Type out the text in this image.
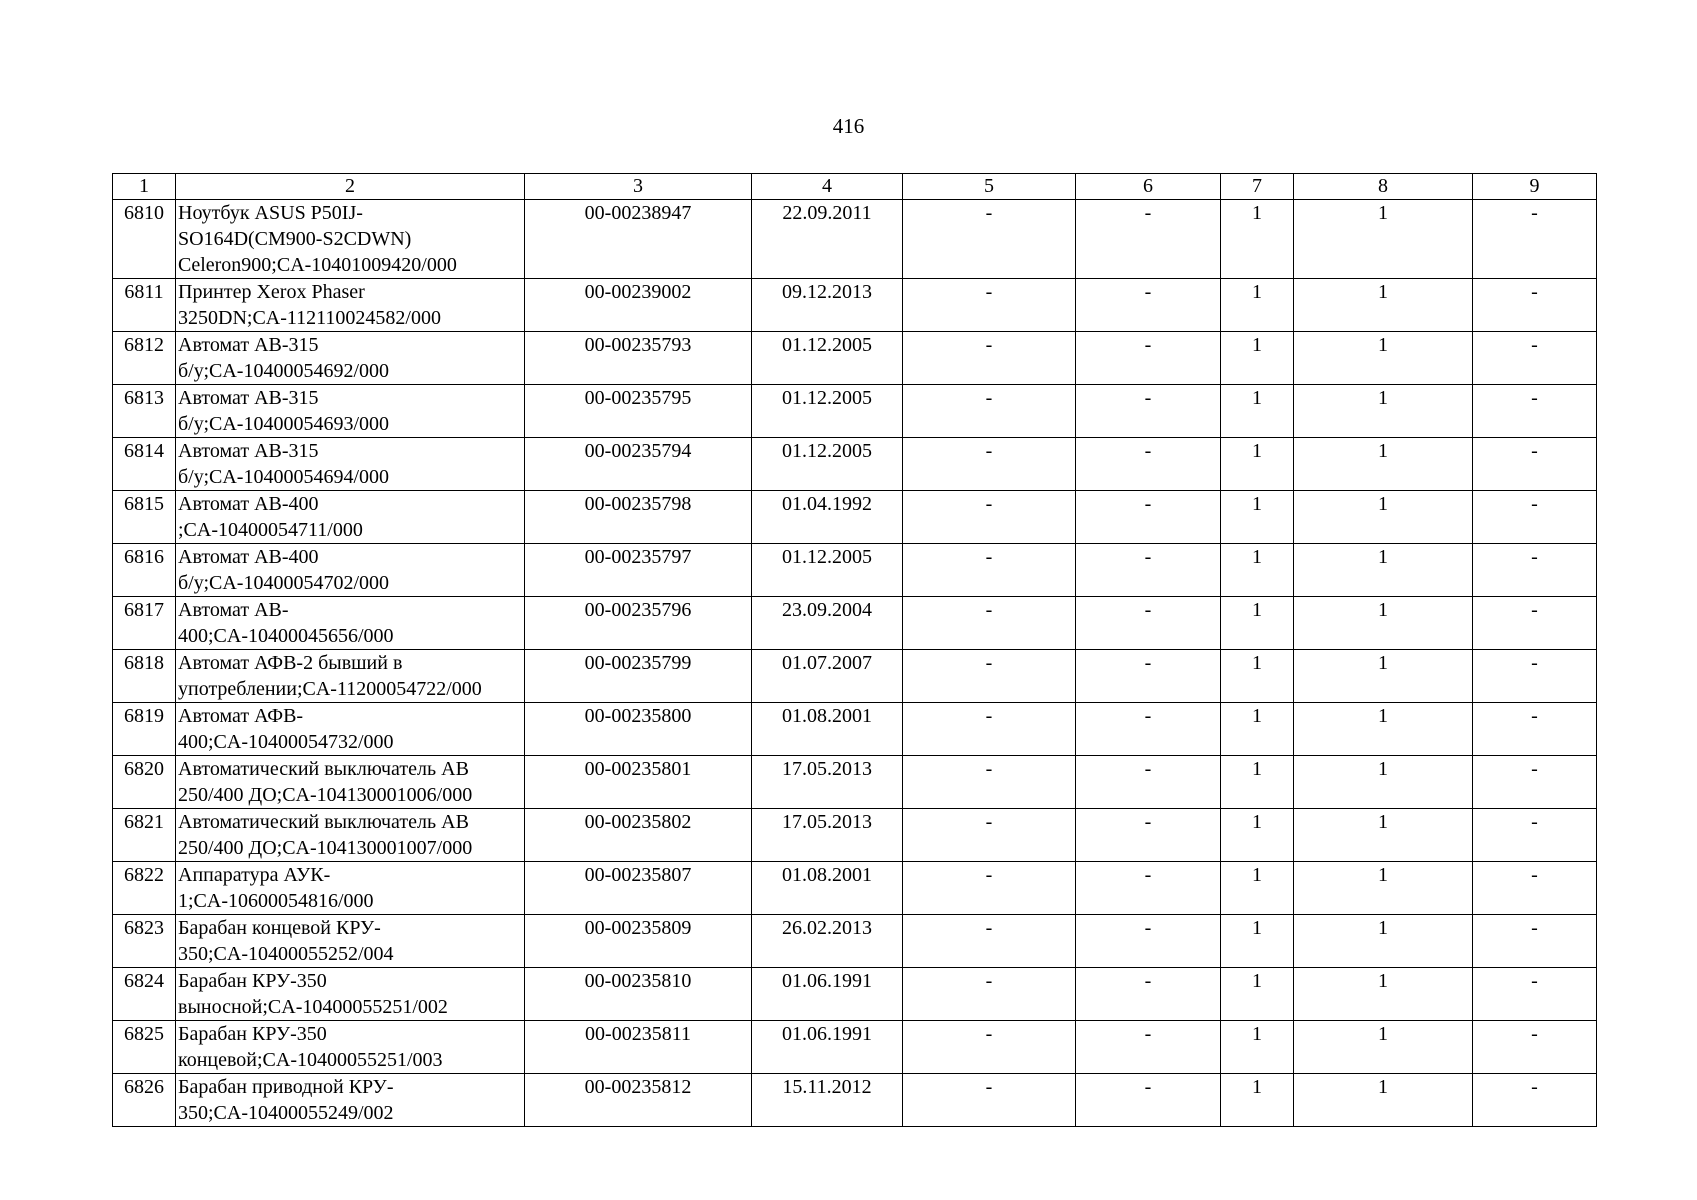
416
1	2	3	4	5	6	7	8	9
6810	Ноутбук ASUS P50IJ-
SO164D(CM900-S2CDWN)
Celeron900;CA-10401009420/000	00-00238947	22.09.2011	-	-	1	1	-
6811	Принтер Xerox Phaser
3250DN;CA-112110024582/000	00-00239002	09.12.2013	-	-	1	1	-
6812	Автомат АВ-315
б/у;CA-10400054692/000	00-00235793	01.12.2005	-	-	1	1	-
6813	Автомат АВ-315
б/у;CA-10400054693/000	00-00235795	01.12.2005	-	-	1	1	-
6814	Автомат АВ-315
б/у;CA-10400054694/000	00-00235794	01.12.2005	-	-	1	1	-
6815	Автомат АВ-400
;CA-10400054711/000	00-00235798	01.04.1992	-	-	1	1	-
6816	Автомат АВ-400
б/у;CA-10400054702/000	00-00235797	01.12.2005	-	-	1	1	-
6817	Автомат АВ-
400;CA-10400045656/000	00-00235796	23.09.2004	-	-	1	1	-
6818	Автомат АФВ-2 бывший в
употреблении;CA-11200054722/000	00-00235799	01.07.2007	-	-	1	1	-
6819	Автомат АФВ-
400;CA-10400054732/000	00-00235800	01.08.2001	-	-	1	1	-
6820	Автоматический выключатель АВ
250/400 ДО;CA-104130001006/000	00-00235801	17.05.2013	-	-	1	1	-
6821	Автоматический выключатель АВ
250/400 ДО;CA-104130001007/000	00-00235802	17.05.2013	-	-	1	1	-
6822	Аппаратура АУК-
1;CA-10600054816/000	00-00235807	01.08.2001	-	-	1	1	-
6823	Барабан концевой КРУ-
350;CA-10400055252/004	00-00235809	26.02.2013	-	-	1	1	-
6824	Барабан КРУ-350
выносной;CA-10400055251/002	00-00235810	01.06.1991	-	-	1	1	-
6825	Барабан КРУ-350
концевой;CA-10400055251/003	00-00235811	01.06.1991	-	-	1	1	-
6826	Барабан приводной КРУ-
350;CA-10400055249/002	00-00235812	15.11.2012	-	-	1	1	-
